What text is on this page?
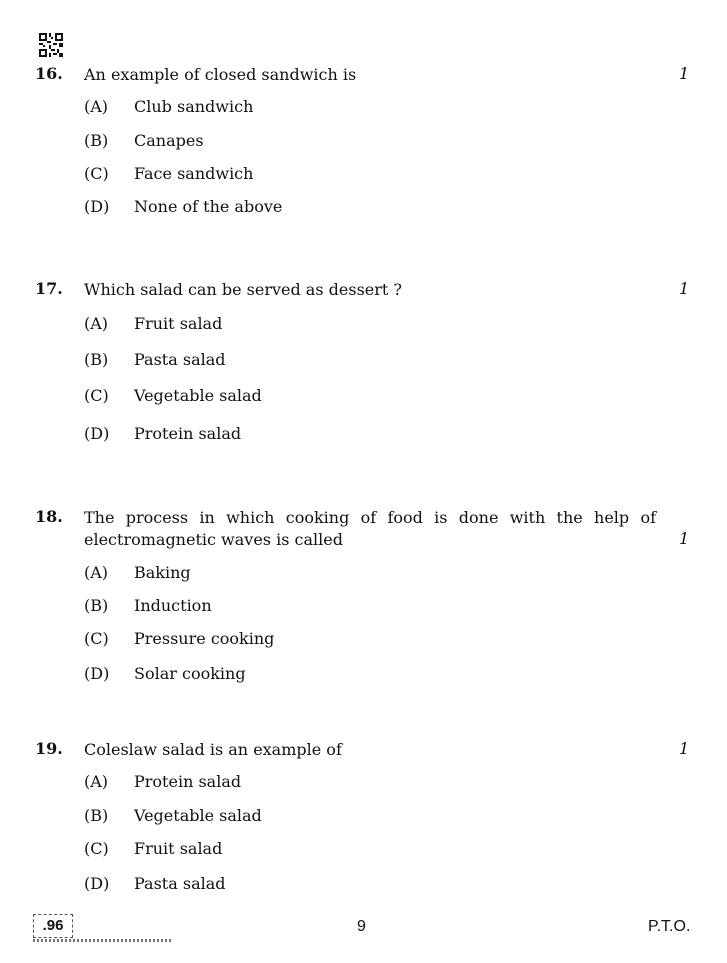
16. An example of closed sandwich is	1
(A) Club sandwich
(B) Canapes
(C) Face sandwich
(D) None of the above
17. Which salad can be served as dessert ?	1
(A) Fruit salad
(B) Pasta salad
(C) Vegetable salad
(D) Protein salad
18. The process in which cooking of food is done with the help of electromagnetic waves is called	1
(A) Baking
(B) Induction
(C) Pressure cooking
(D) Solar cooking
19. Coleslaw salad is an example of	1
(A) Protein salad
(B) Vegetable salad
(C) Fruit salad
(D) Pasta salad
.96	9	P.T.O.
